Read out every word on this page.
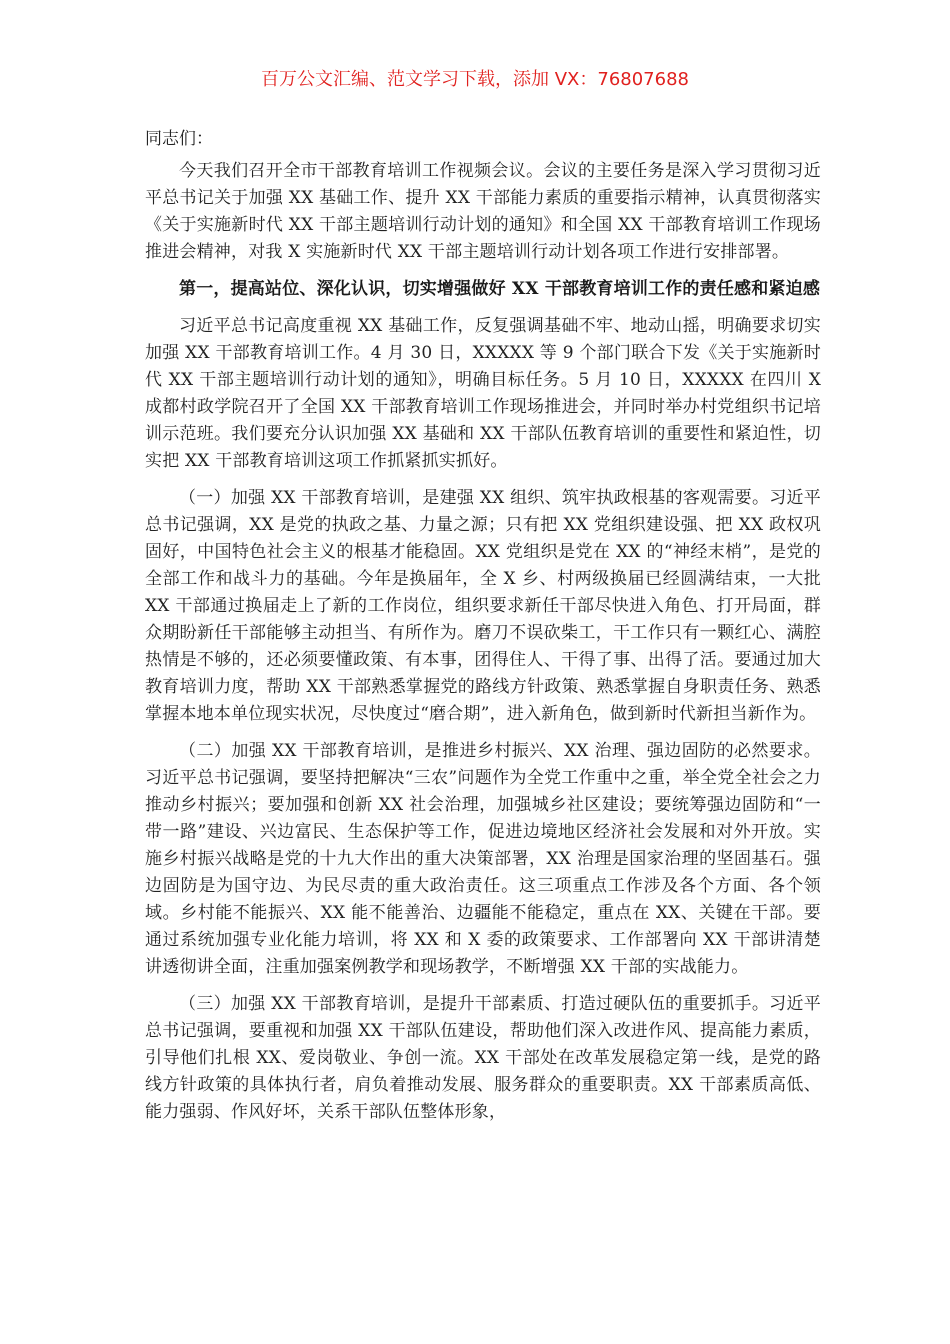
百万公文汇编、范文学习下载，添加 VX：76807688

同志们：

今天我们召开全市干部教育培训工作视频会议。会议的主要任务是深入学习贯彻习近平总书记关于加强 XX 基础工作、提升 XX 干部能力素质的重要指示精神，认真贯彻落实《关于实施新时代 XX 干部主题培训行动计划的通知》和全国 XX 干部教育培训工作现场推进会精神，对我 X 实施新时代 XX 干部主题培训行动计划各项工作进行安排部署。

第一，提高站位、深化认识，切实增强做好 XX 干部教育培训工作的责任感和紧迫感

习近平总书记高度重视 XX 基础工作，反复强调基础不牢、地动山摇，明确要求切实加强 XX 干部教育培训工作。4 月 30 日，XXXXX 等 9 个部门联合下发《关于实施新时代 XX 干部主题培训行动计划的通知》，明确目标任务。5 月 10 日，XXXXX 在四川 X 成都村政学院召开了全国 XX 干部教育培训工作现场推进会，并同时举办村党组织书记培训示范班。我们要充分认识加强 XX 基础和 XX 干部队伍教育培训的重要性和紧迫性，切实把 XX 干部教育培训这项工作抓紧抓实抓好。

（一）加强 XX 干部教育培训，是建强 XX 组织、筑牢执政根基的客观需要。习近平总书记强调，XX 是党的执政之基、力量之源；只有把 XX 党组织建设强、把 XX 政权巩固好，中国特色社会主义的根基才能稳固。XX 党组织是党在 XX 的“神经末梢”，是党的全部工作和战斗力的基础。今年是换届年，全 X 乡、村两级换届已经圆满结束，一大批 XX 干部通过换届走上了新的工作岗位，组织要求新任干部尽快进入角色、打开局面，群众期盼新任干部能够主动担当、有所作为。磨刀不误砍柴工，干工作只有一颗红心、满腔热情是不够的，还必须要懂政策、有本事，团得住人、干得了事、出得了活。要通过加大教育培训力度，帮助 XX 干部熟悉掌握党的路线方针政策、熟悉掌握自身职责任务、熟悉掌握本地本单位现实状况，尽快度过“磨合期”，进入新角色，做到新时代新担当新作为。

（二）加强 XX 干部教育培训，是推进乡村振兴、XX 治理、强边固防的必然要求。习近平总书记强调，要坚持把解决“三农”问题作为全党工作重中之重，举全党全社会之力推动乡村振兴；要加强和创新 XX 社会治理，加强城乡社区建设；要统筹强边固防和“一带一路”建设、兴边富民、生态保护等工作，促进边境地区经济社会发展和对外开放。实施乡村振兴战略是党的十九大作出的重大决策部署，XX 治理是国家治理的坚固基石。强边固防是为国守边、为民尽责的重大政治责任。这三项重点工作涉及各个方面、各个领域。乡村能不能振兴、XX 能不能善治、边疆能不能稳定，重点在 XX、关键在干部。要通过系统加强专业化能力培训，将 XX 和 X 委的政策要求、工作部署向 XX 干部讲清楚讲透彻讲全面，注重加强案例教学和现场教学，不断增强 XX 干部的实战能力。

（三）加强 XX 干部教育培训，是提升干部素质、打造过硬队伍的重要抓手。习近平总书记强调，要重视和加强 XX 干部队伍建设，帮助他们深入改进作风、提高能力素质，引导他们扎根 XX、爱岗敬业、争创一流。XX 干部处在改革发展稳定第一线，是党的路线方针政策的具体执行者，肩负着推动发展、服务群众的重要职责。XX 干部素质高低、能力强弱、作风好坏，关系干部队伍整体形象，
